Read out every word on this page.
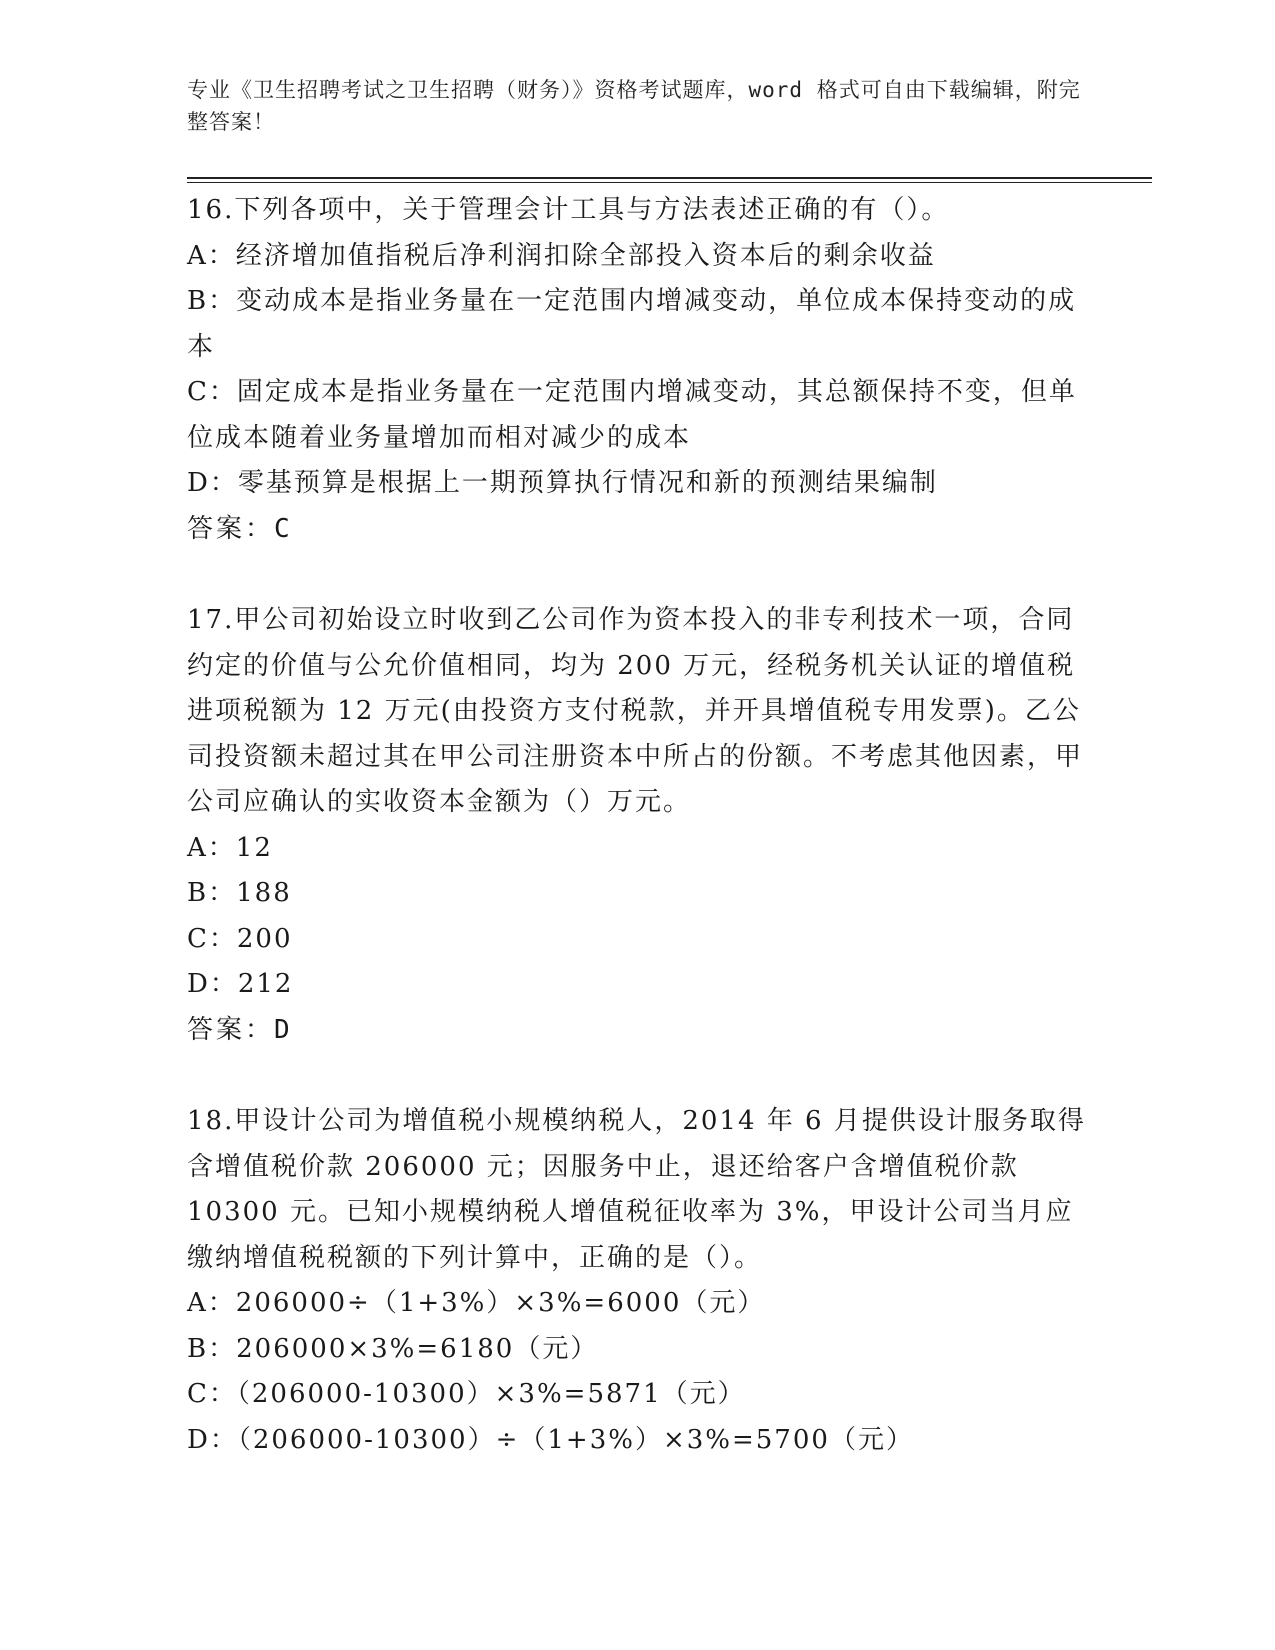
专业《卫生招聘考试之卫生招聘（财务）》资格考试题库，word 格式可自由下载编辑，附完整答案！

16.下列各项中，关于管理会计工具与方法表述正确的有（）。

A：经济增加值指税后净利润扣除全部投入资本后的剩余收益

B：变动成本是指业务量在一定范围内增减变动，单位成本保持变动的成本

C：固定成本是指业务量在一定范围内增减变动，其总额保持不变，但单位成本随着业务量增加而相对减少的成本

D：零基预算是根据上一期预算执行情况和新的预测结果编制

答案：C

17.甲公司初始设立时收到乙公司作为资本投入的非专利技术一项，合同约定的价值与公允价值相同，均为 200 万元，经税务机关认证的增值税进项税额为 12 万元(由投资方支付税款，并开具增值税专用发票)。乙公司投资额未超过其在甲公司注册资本中所占的份额。不考虑其他因素，甲公司应确认的实收资本金额为（）万元。

A：12

B：188

C：200

D：212

答案：D

18.甲设计公司为增值税小规模纳税人，2014 年 6 月提供设计服务取得含增值税价款 206000 元；因服务中止，退还给客户含增值税价款 10300 元。已知小规模纳税人增值税征收率为 3%，甲设计公司当月应缴纳增值税税额的下列计算中，正确的是（）。

A：206000÷（1+3%）×3%=6000（元）

B：206000×3%=6180（元）

C：（206000-10300）×3%=5871（元）

D：（206000-10300）÷（1+3%）×3%=5700（元）
